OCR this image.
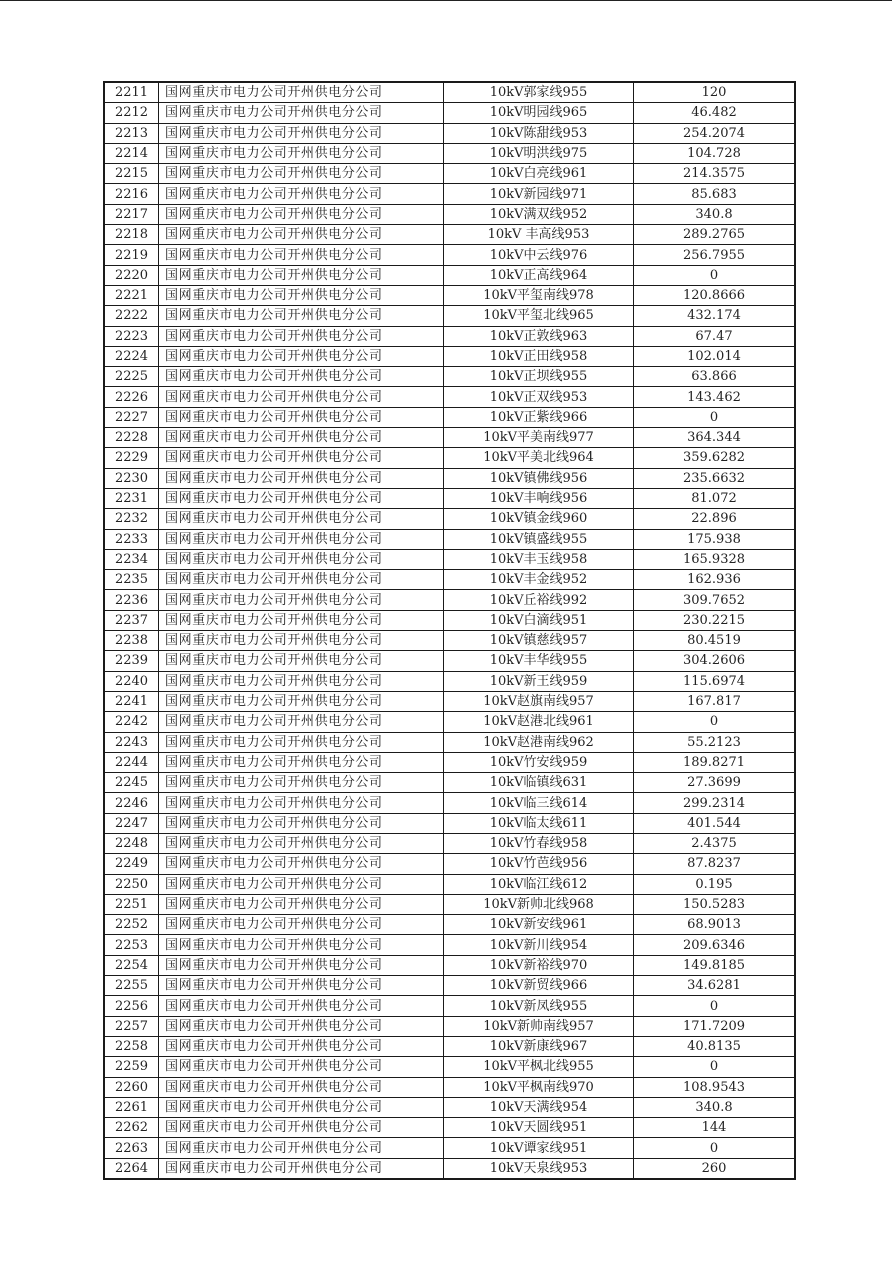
2211	国网重庆市电力公司开州供电分公司	10kV郭家线955	120
2212	国网重庆市电力公司开州供电分公司	10kV明园线965	46.482
2213	国网重庆市电力公司开州供电分公司	10kV陈甜线953	254.2074
2214	国网重庆市电力公司开州供电分公司	10kV明洪线975	104.728
2215	国网重庆市电力公司开州供电分公司	10kV白亮线961	214.3575
2216	国网重庆市电力公司开州供电分公司	10kV新园线971	85.683
2217	国网重庆市电力公司开州供电分公司	10kV满双线952	340.8
2218	国网重庆市电力公司开州供电分公司	10kV 丰高线953	289.2765
2219	国网重庆市电力公司开州供电分公司	10kV中云线976	256.7955
2220	国网重庆市电力公司开州供电分公司	10kV正高线964	0
2221	国网重庆市电力公司开州供电分公司	10kV平玺南线978	120.8666
2222	国网重庆市电力公司开州供电分公司	10kV平玺北线965	432.174
2223	国网重庆市电力公司开州供电分公司	10kV正敦线963	67.47
2224	国网重庆市电力公司开州供电分公司	10kV正田线958	102.014
2225	国网重庆市电力公司开州供电分公司	10kV正坝线955	63.866
2226	国网重庆市电力公司开州供电分公司	10kV正双线953	143.462
2227	国网重庆市电力公司开州供电分公司	10kV正紫线966	0
2228	国网重庆市电力公司开州供电分公司	10kV平美南线977	364.344
2229	国网重庆市电力公司开州供电分公司	10kV平美北线964	359.6282
2230	国网重庆市电力公司开州供电分公司	10kV镇佛线956	235.6632
2231	国网重庆市电力公司开州供电分公司	10kV丰响线956	81.072
2232	国网重庆市电力公司开州供电分公司	10kV镇金线960	22.896
2233	国网重庆市电力公司开州供电分公司	10kV镇盛线955	175.938
2234	国网重庆市电力公司开州供电分公司	10kV丰玉线958	165.9328
2235	国网重庆市电力公司开州供电分公司	10kV丰金线952	162.936
2236	国网重庆市电力公司开州供电分公司	10kV丘裕线992	309.7652
2237	国网重庆市电力公司开州供电分公司	10kV白滴线951	230.2215
2238	国网重庆市电力公司开州供电分公司	10kV镇慈线957	80.4519
2239	国网重庆市电力公司开州供电分公司	10kV丰华线955	304.2606
2240	国网重庆市电力公司开州供电分公司	10kV新王线959	115.6974
2241	国网重庆市电力公司开州供电分公司	10kV赵旗南线957	167.817
2242	国网重庆市电力公司开州供电分公司	10kV赵港北线961	0
2243	国网重庆市电力公司开州供电分公司	10kV赵港南线962	55.2123
2244	国网重庆市电力公司开州供电分公司	10kV竹安线959	189.8271
2245	国网重庆市电力公司开州供电分公司	10kV临镇线631	27.3699
2246	国网重庆市电力公司开州供电分公司	10kV临三线614	299.2314
2247	国网重庆市电力公司开州供电分公司	10kV临太线611	401.544
2248	国网重庆市电力公司开州供电分公司	10kV竹春线958	2.4375
2249	国网重庆市电力公司开州供电分公司	10kV竹芭线956	87.8237
2250	国网重庆市电力公司开州供电分公司	10kV临江线612	0.195
2251	国网重庆市电力公司开州供电分公司	10kV新帅北线968	150.5283
2252	国网重庆市电力公司开州供电分公司	10kV新安线961	68.9013
2253	国网重庆市电力公司开州供电分公司	10kV新川线954	209.6346
2254	国网重庆市电力公司开州供电分公司	10kV新裕线970	149.8185
2255	国网重庆市电力公司开州供电分公司	10kV新贸线966	34.6281
2256	国网重庆市电力公司开州供电分公司	10kV新凤线955	0
2257	国网重庆市电力公司开州供电分公司	10kV新帅南线957	171.7209
2258	国网重庆市电力公司开州供电分公司	10kV新康线967	40.8135
2259	国网重庆市电力公司开州供电分公司	10kV平枫北线955	0
2260	国网重庆市电力公司开州供电分公司	10kV平枫南线970	108.9543
2261	国网重庆市电力公司开州供电分公司	10kV天满线954	340.8
2262	国网重庆市电力公司开州供电分公司	10kV天圆线951	144
2263	国网重庆市电力公司开州供电分公司	10kV谭家线951	0
2264	国网重庆市电力公司开州供电分公司	10kV天泉线953	260
